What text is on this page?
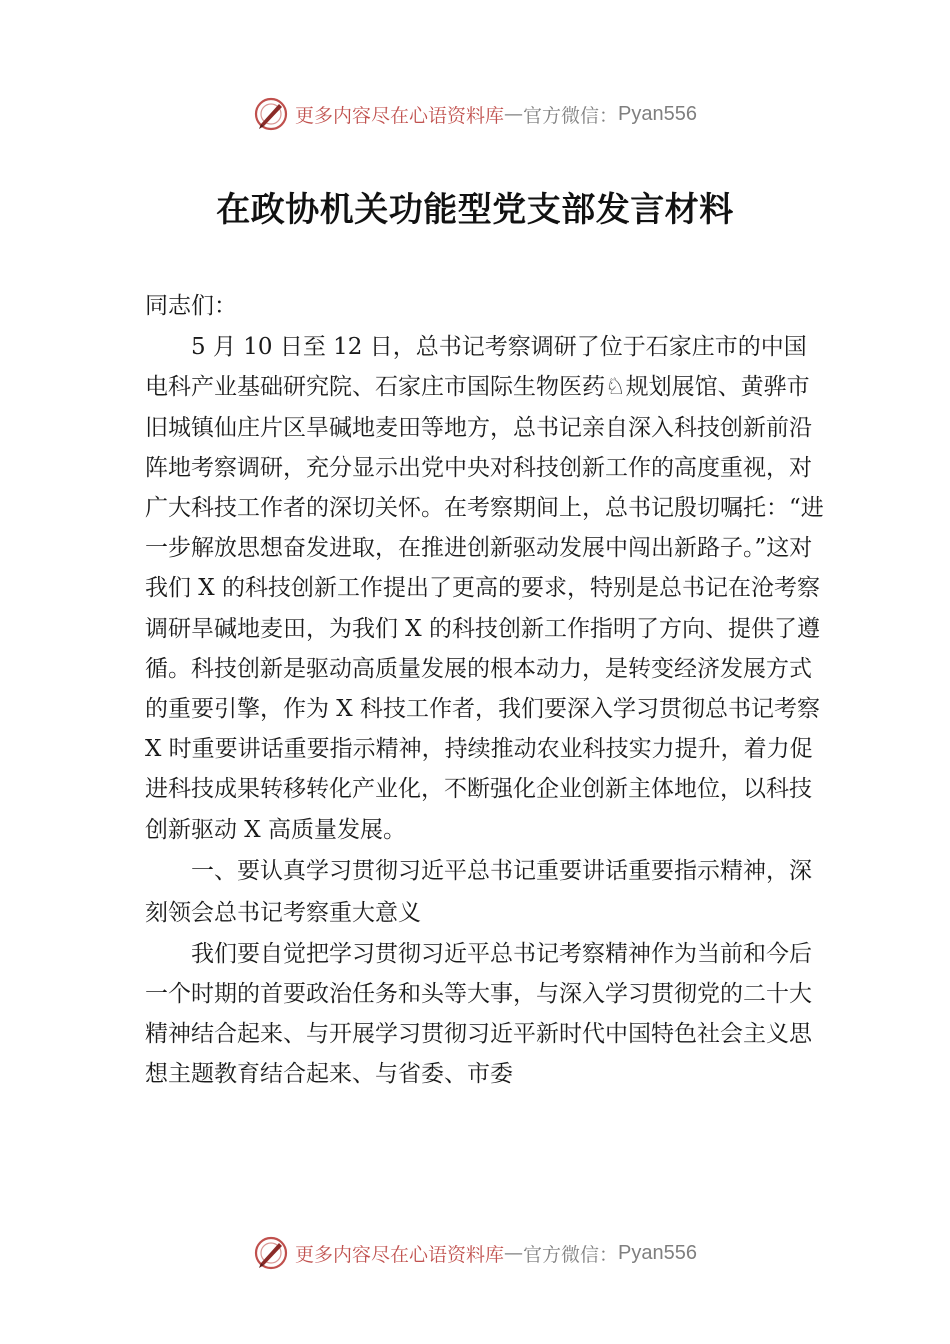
更多内容尽在心语资料库 — 官方微信： Pyan556
在政协机关功能型党支部发言材料

同志们：

5 月 10 日至 12 日，总书记考察调研了位于石家庄市的中国电科产业基础研究院、石家庄市国际生物医药♘规划展馆、黄骅市旧城镇仙庄片区旱碱地麦田等地方，总书记亲自深入科技创新前沿阵地考察调研，充分显示出党中央对科技创新工作的高度重视，对广大科技工作者的深切关怀。在考察期间上，总书记殷切嘱托：“进一步解放思想奋发进取，在推进创新驱动发展中闯出新路子。”这对我们 X 的科技创新工作提出了更高的要求，特别是总书记在沧考察调研旱碱地麦田，为我们 X 的科技创新工作指明了方向、提供了遵循。科技创新是驱动高质量发展的根本动力，是转变经济发展方式的重要引擎，作为 X 科技工作者，我们要深入学习贯彻总书记考察 X 时重要讲话重要指示精神，持续推动农业科技实力提升，着力促进科技成果转移转化产业化，不断强化企业创新主体地位，以科技创新驱动 X 高质量发展。

一、要认真学习贯彻习近平总书记重要讲话重要指示精神，深刻领会总书记考察重大意义

我们要自觉把学习贯彻习近平总书记考察精神作为当前和今后一个时期的首要政治任务和头等大事，与深入学习贯彻党的二十大精神结合起来、与开展学习贯彻习近平新时代中国特色社会主义思想主题教育结合起来、与省委、市委

更多内容尽在心语资料库 — 官方微信： Pyan556
